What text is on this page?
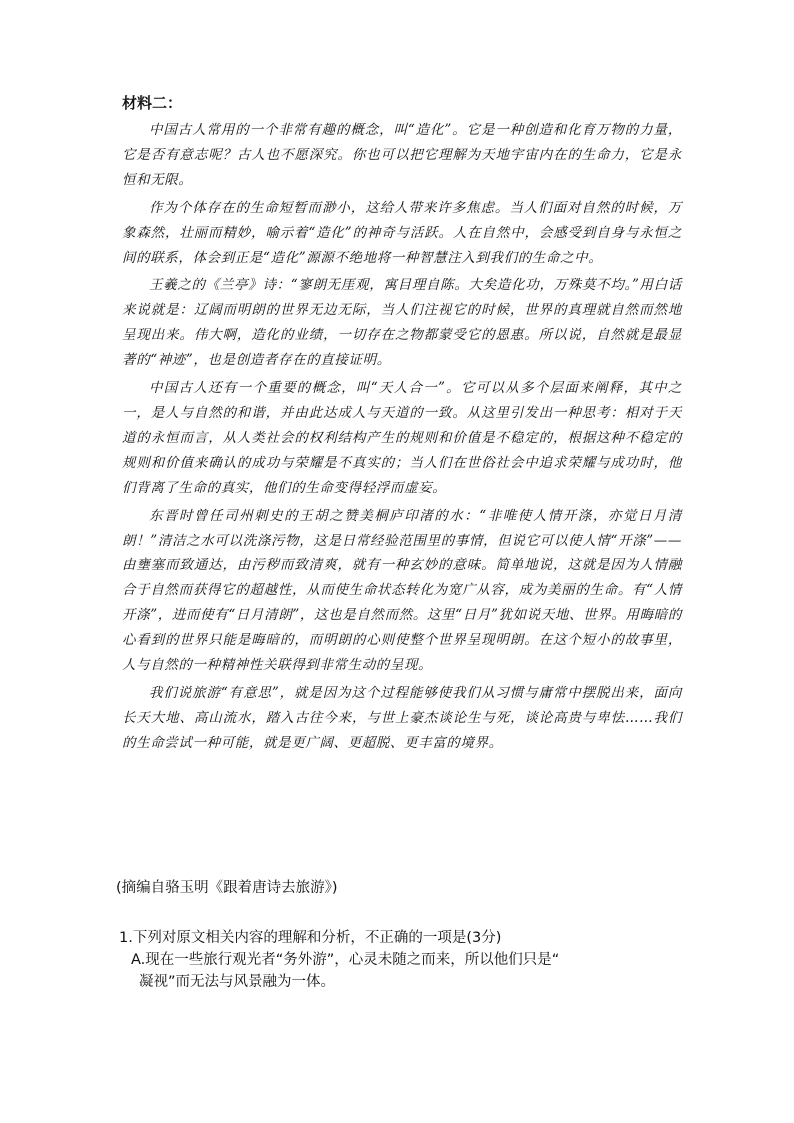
材料二：

中国古人常用的一个非常有趣的概念，叫“造化”。它是一种创造和化育万物的力量，它是否有意志呢？古人也不愿深究。你也可以把它理解为天地宇宙内在的生命力，它是永恒和无限。

作为个体存在的生命短暂而渺小，这给人带来许多焦虑。当人们面对自然的时候，万象森然，壮丽而精妙，喻示着“造化”的神奇与活跃。人在自然中，会感受到自身与永恒之间的联系，体会到正是“造化”源源不绝地将一种智慧注入到我们的生命之中。

王羲之的《兰亭》诗：“寥朗无厓观，寓目理自陈。大矣造化功，万殊莫不均。”用白话来说就是：辽阔而明朗的世界无边无际，当人们注视它的时候，世界的真理就自然而然地呈现出来。伟大啊，造化的业绩，一切存在之物都蒙受它的恩惠。所以说，自然就是最显著的“神迹”，也是创造者存在的直接证明。

中国古人还有一个重要的概念，叫“天人合一”。它可以从多个层面来阐释，其中之一，是人与自然的和谐，并由此达成人与天道的一致。从这里引发出一种思考：相对于天道的永恒而言，从人类社会的权利结构产生的规则和价值是不稳定的，根据这种不稳定的规则和价值来确认的成功与荣耀是不真实的；当人们在世俗社会中追求荣耀与成功时，他们背离了生命的真实，他们的生命变得轻浮而虚妄。

东晋时曾任司州刺史的王胡之赞美桐庐印渚的水：“非唯使人情开涤，亦觉日月清朗！”清洁之水可以洗涤污物，这是日常经验范围里的事情，但说它可以使人情“开涤”——由壅塞而致通达，由污秽而致清爽，就有一种玄妙的意味。简单地说，这就是因为人情融合于自然而获得它的超越性，从而使生命状态转化为宽广从容，成为美丽的生命。有“人情开涤”，进而使有“日月清朗”，这也是自然而然。这里“日月”犹如说天地、世界。用晦暗的心看到的世界只能是晦暗的，而明朗的心则使整个世界呈现明朗。在这个短小的故事里，人与自然的一种精神性关联得到非常生动的呈现。

我们说旅游“有意思”，就是因为这个过程能够使我们从习惯与庸常中摆脱出来，面向长天大地、高山流水，踏入古往今来，与世上豪杰谈论生与死，谈论高贵与卑怯……我们的生命尝试一种可能，就是更广阔、更超脱、更丰富的境界。

(摘编自骆玉明《跟着唐诗去旅游》)

1.下列对原文相关内容的理解和分析，不正确的一项是(3分)

A.现在一些旅行观光者“务外游”，心灵未随之而来，所以他们只是“

凝视”而无法与风景融为一体。
